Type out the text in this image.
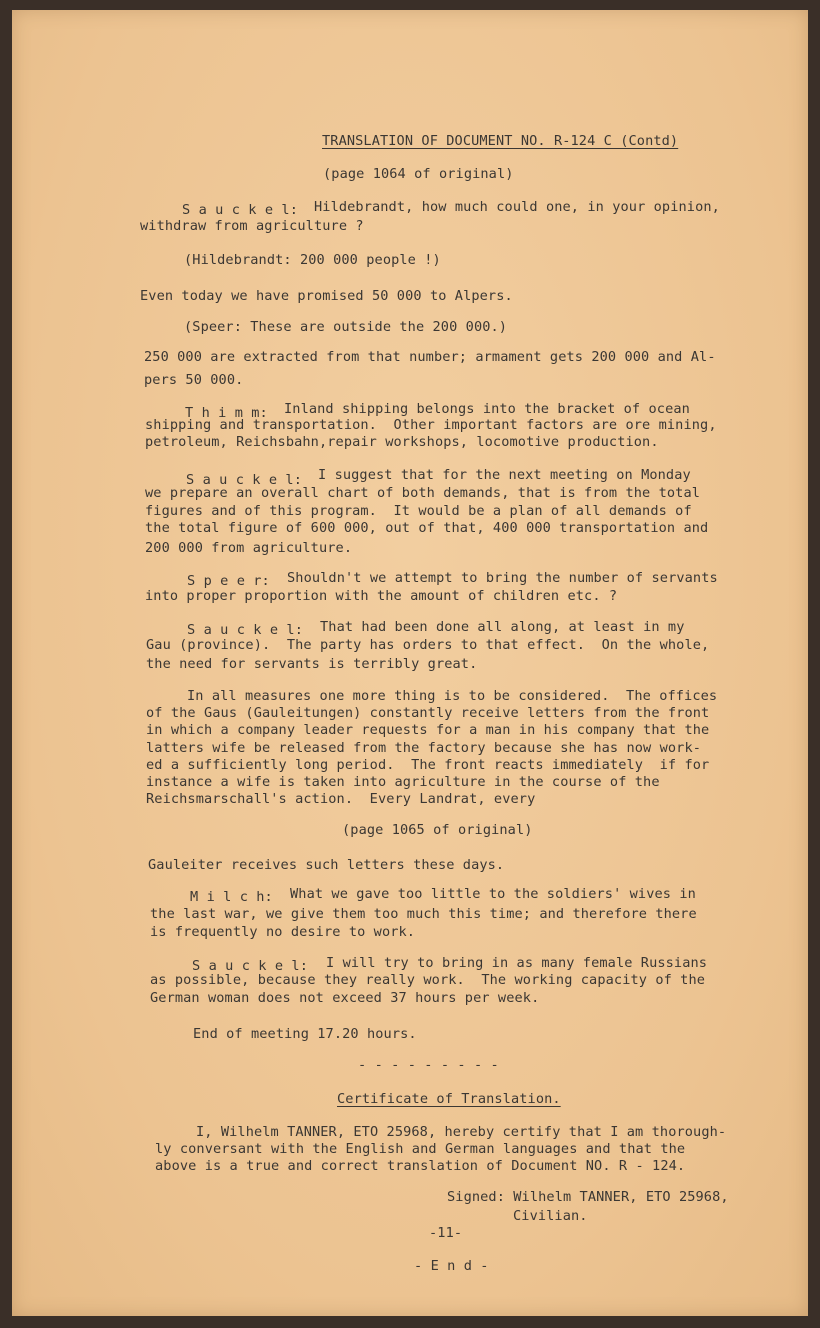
TRANSLATION OF DOCUMENT NO. R-124 C (Contd)
(page 1064 of original)
S a u c k e l: Hildebrandt, how much could one, in your opinion,
withdraw from agriculture ?
(Hildebrandt: 200 000 people !)
Even today we have promised 50 000 to Alpers.
(Speer: These are outside the 200 000.)
250 000 are extracted from that number; armament gets 200 000 and Al-
pers 50 000.
T h i m m: Inland shipping belongs into the bracket of ocean
shipping and transportation.  Other important factors are ore mining,
petroleum, Reichsbahn,repair workshops, locomotive production.
S a u c k e l: I suggest that for the next meeting on Monday
we prepare an overall chart of both demands, that is from the total
figures and of this program.  It would be a plan of all demands of
the total figure of 600 000, out of that, 400 000 transportation and
200 000 from agriculture.
S p e e r: Shouldn't we attempt to bring the number of servants
into proper proportion with the amount of children etc. ?
S a u c k e l: That had been done all along, at least in my
Gau (province).  The party has orders to that effect.  On the whole,
the need for servants is terribly great.
In all measures one more thing is to be considered.  The offices
of the Gaus (Gauleitungen) constantly receive letters from the front
in which a company leader requests for a man in his company that the
latters wife be released from the factory because she has now work-
ed a sufficiently long period.  The front reacts immediately  if for
instance a wife is taken into agriculture in the course of the
Reichsmarschall's action.  Every Landrat, every
(page 1065 of original)
Gauleiter receives such letters these days.
M i l c h: What we gave too little to the soldiers' wives in
the last war, we give them too much this time; and therefore there
is frequently no desire to work.
S a u c k e l: I will try to bring in as many female Russians
as possible, because they really work.  The working capacity of the
German woman does not exceed 37 hours per week.
End of meeting 17.20 hours.
- - - - - - - - -
Certificate of Translation.
I, Wilhelm TANNER, ETO 25968, hereby certify that I am thorough-
ly conversant with the English and German languages and that the
above is a true and correct translation of Document NO. R - 124.
Signed: Wilhelm TANNER, ETO 25968,
Civilian.
-11-
- E n d -
